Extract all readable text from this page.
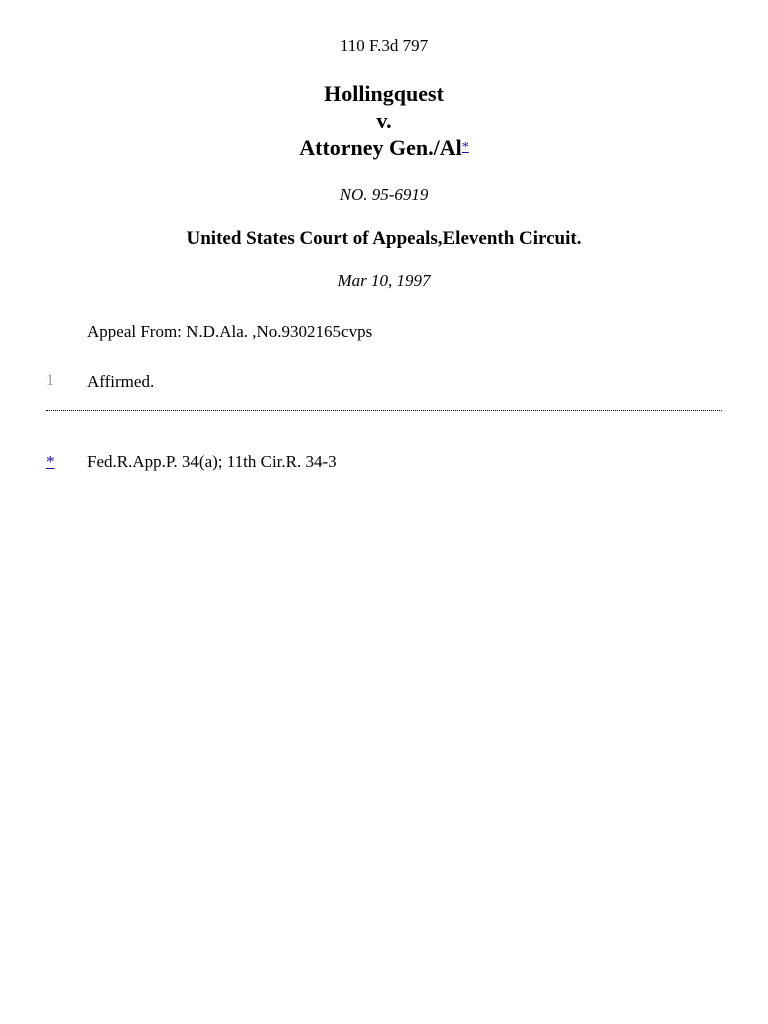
110 F.3d 797
Hollingquest
v.
Attorney Gen./Al*
NO. 95-6919
United States Court of Appeals,Eleventh Circuit.
Mar 10, 1997
Appeal From: N.D.Ala. ,No.9302165cvps
1 Affirmed.
* Fed.R.App.P. 34(a); 11th Cir.R. 34-3
